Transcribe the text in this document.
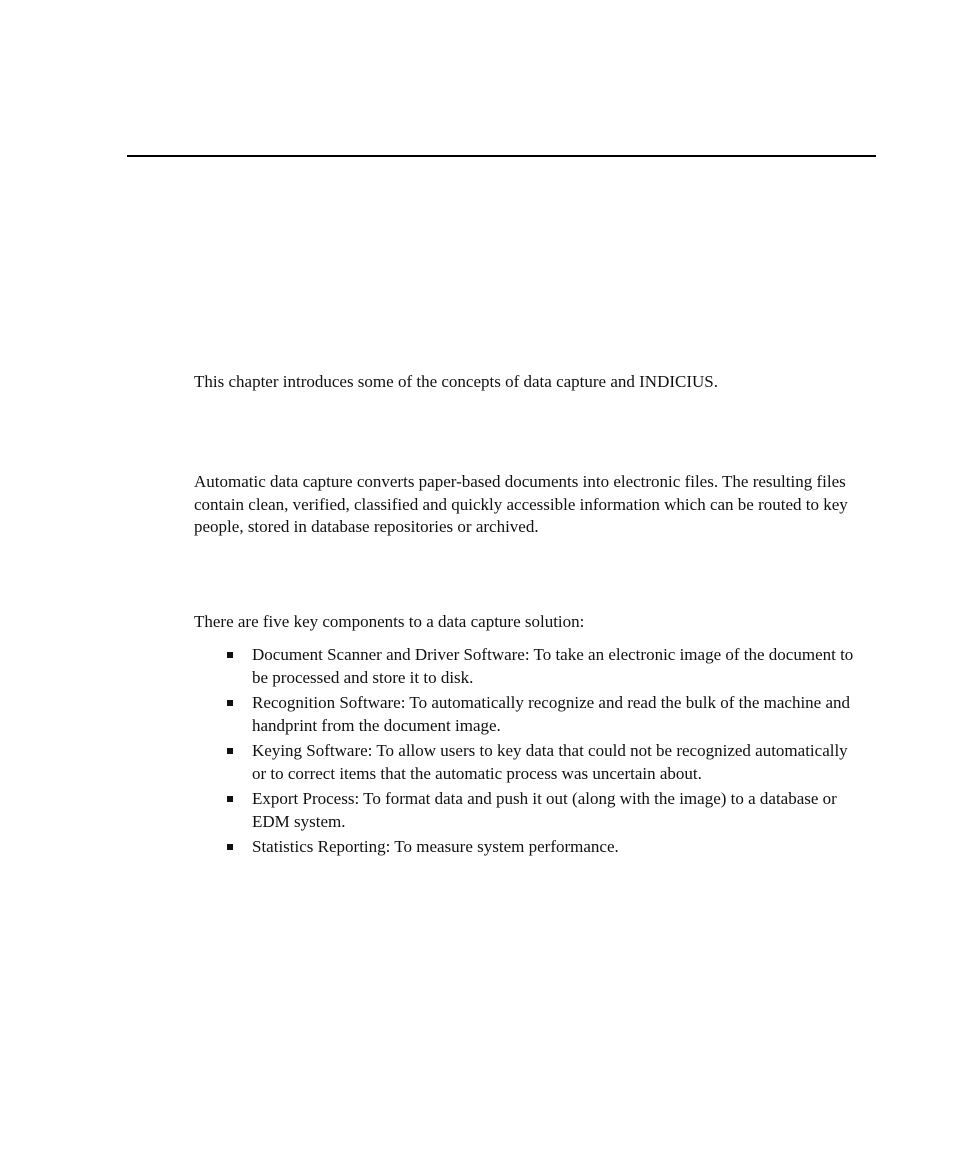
This chapter introduces some of the concepts of data capture and INDICIUS.

Automatic data capture converts paper-based documents into electronic files. The resulting files contain clean, verified, classified and quickly accessible information which can be routed to key people, stored in database repositories or archived.

There are five key components to a data capture solution:

Document Scanner and Driver Software: To take an electronic image of the document to be processed and store it to disk.
Recognition Software: To automatically recognize and read the bulk of the machine and handprint from the document image.
Keying Software: To allow users to key data that could not be recognized automatically or to correct items that the automatic process was uncertain about.
Export Process: To format data and push it out (along with the image) to a database or EDM system.
Statistics Reporting: To measure system performance.
